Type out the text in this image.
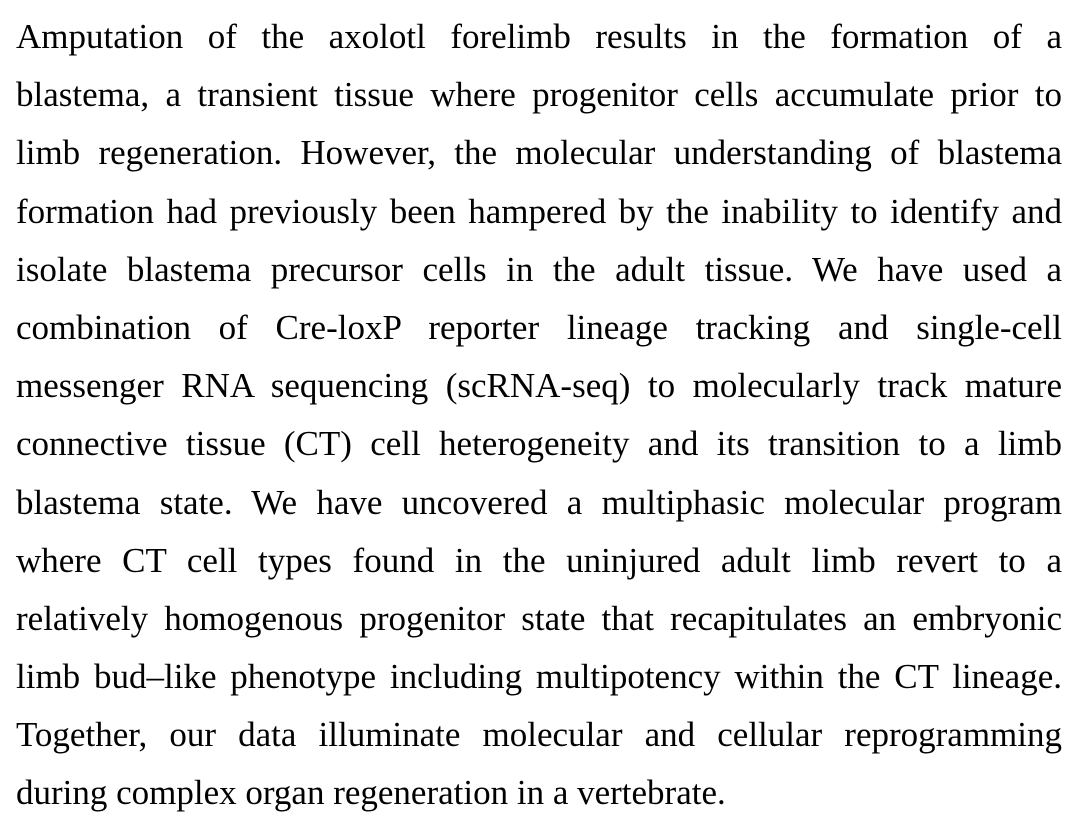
Amputation of the axolotl forelimb results in the formation of a
blastema, a transient tissue where progenitor cells accumulate prior to
limb regeneration. However, the molecular understanding of blastema
formation had previously been hampered by the inability to identify and
isolate blastema precursor cells in the adult tissue. We have used a
combination of Cre-loxP reporter lineage tracking and single-cell
messenger RNA sequencing (scRNA-seq) to molecularly track mature
connective tissue (CT) cell heterogeneity and its transition to a limb
blastema state. We have uncovered a multiphasic molecular program
where CT cell types found in the uninjured adult limb revert to a
relatively homogenous progenitor state that recapitulates an embryonic
limb bud–like phenotype including multipotency within the CT lineage.
Together, our data illuminate molecular and cellular reprogramming
during complex organ regeneration in a vertebrate.
